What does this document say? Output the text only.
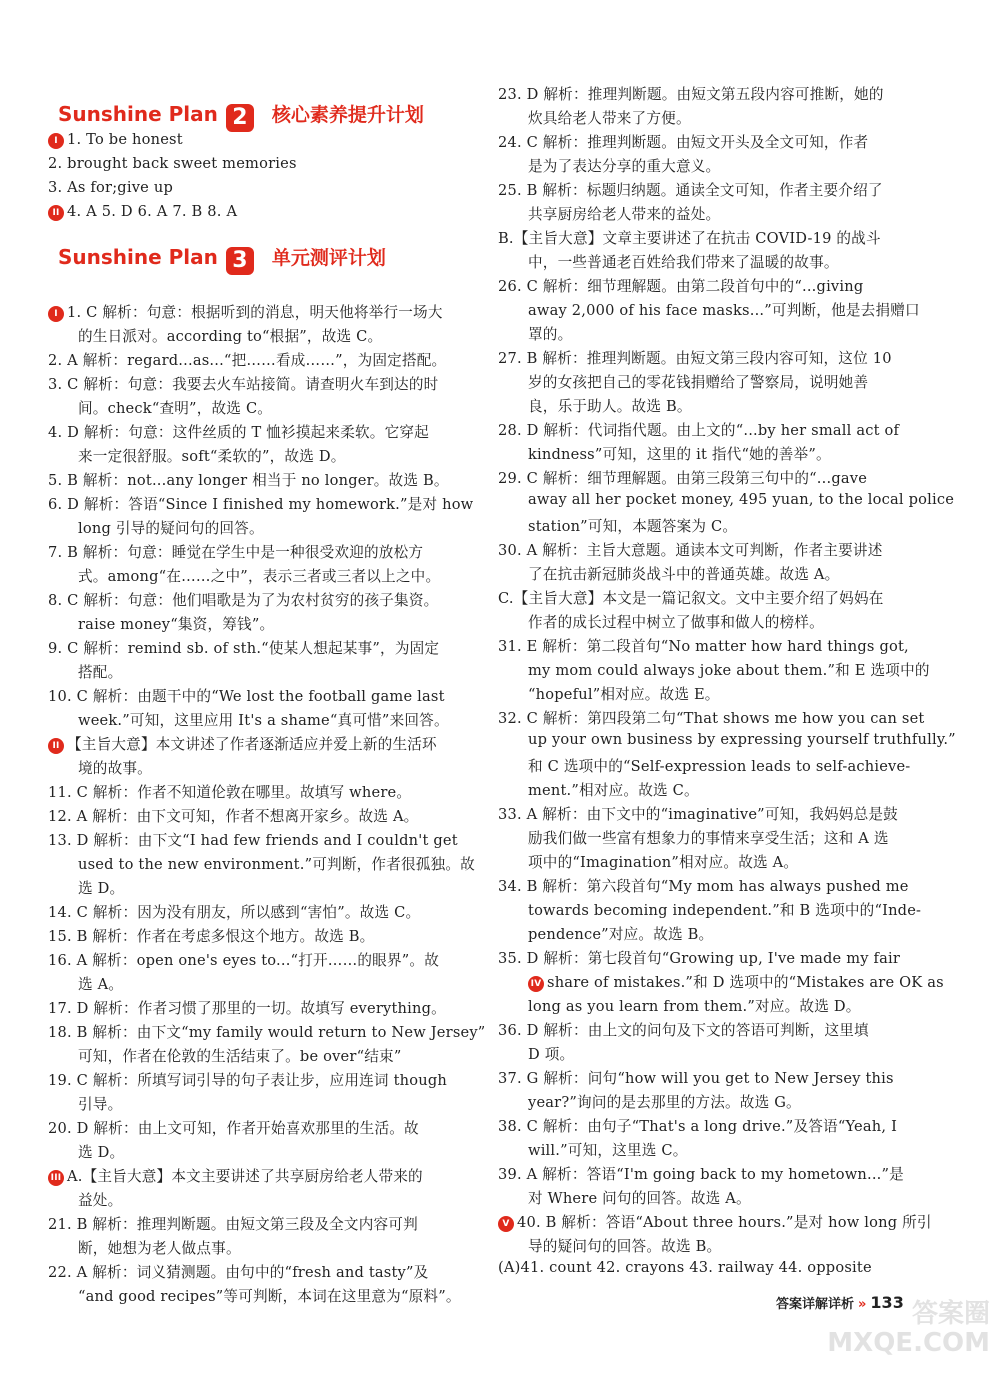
Sunshine Plan 2 核心素养提升计划
Sunshine Plan 3 单元测评计划
I 1. To be honest
2. brought back sweet memories
3. As for;give up
II 4. A 5. D 6. A 7. B 8. A
I 1. C 解析：句意：根据听到的消息，明天他将举行一场大
的生日派对。according to“根据”，故选 C。
2. A 解析：regard...as...“把……看成……”，为固定搭配。
3. C 解析：句意：我要去火车站接简。请查明火车到达的时
间。check“查明”，故选 C。
4. D 解析：句意：这件丝质的 T 恤衫摸起来柔软。它穿起
来一定很舒服。soft“柔软的”，故选 D。
5. B 解析：not...any longer 相当于 no longer。故选 B。
6. D 解析：答语“Since I finished my homework.”是对 how
long 引导的疑问句的回答。
7. B 解析：句意：睡觉在学生中是一种很受欢迎的放松方
式。among“在……之中”，表示三者或三者以上之中。
8. C 解析：句意：他们唱歌是为了为农村贫穷的孩子集资。
raise money“集资，筹钱”。
9. C 解析：remind sb. of sth.“使某人想起某事”，为固定
搭配。
10. C 解析：由题干中的“We lost the football game last
week.”可知，这里应用 It's a shame“真可惜”来回答。
II 【主旨大意】本文讲述了作者逐渐适应并爱上新的生活环
境的故事。
11. C 解析：作者不知道伦敦在哪里。故填写 where。
12. A 解析：由下文可知，作者不想离开家乡。故选 A。
13. D 解析：由下文“I had few friends and I couldn't get
used to the new environment.”可判断，作者很孤独。故
选 D。
14. C 解析：因为没有朋友，所以感到“害怕”。故选 C。
15. B 解析：作者在考虑多恨这个地方。故选 B。
16. A 解析：open one's eyes to...“打开……的眼界”。故
选 A。
17. D 解析：作者习惯了那里的一切。故填写 everything。
18. B 解析：由下文“my family would return to New Jersey”
可知，作者在伦敦的生活结束了。be over“结束”
19. C 解析：所填写词引导的句子表让步，应用连词 though
引导。
20. D 解析：由上文可知，作者开始喜欢那里的生活。故
选 D。
III A.【主旨大意】本文主要讲述了共享厨房给老人带来的
益处。
21. B 解析：推理判断题。由短文第三段及全文内容可判
断，她想为老人做点事。
22. A 解析：词义猜测题。由句中的“fresh and tasty”及
“and good recipes”等可判断，本词在这里意为“原料”。
23. D 解析：推理判断题。由短文第五段内容可推断，她的
炊具给老人带来了方便。
24. C 解析：推理判断题。由短文开头及全文可知，作者
是为了表达分享的重大意义。
25. B 解析：标题归纳题。通读全文可知，作者主要介绍了
共享厨房给老人带来的益处。
B.【主旨大意】文章主要讲述了在抗击 COVID-19 的战斗
中，一些普通老百姓给我们带来了温暖的故事。
26. C 解析：细节理解题。由第二段首句中的“...giving
away 2,000 of his face masks...”可判断，他是去捐赠口
罩的。
27. B 解析：推理判断题。由短文第三段内容可知，这位 10
岁的女孩把自己的零花钱捐赠给了警察局，说明她善
良，乐于助人。故选 B。
28. D 解析：代词指代题。由上文的“...by her small act of
kindness”可知，这里的 it 指代“她的善举”。
29. C 解析：细节理解题。由第三段第三句中的“...gave
away all her pocket money, 495 yuan, to the local police
station”可知，本题答案为 C。
30. A 解析：主旨大意题。通读本文可判断，作者主要讲述
了在抗击新冠肺炎战斗中的普通英雄。故选 A。
C.【主旨大意】本文是一篇记叙文。文中主要介绍了妈妈在
作者的成长过程中树立了做事和做人的榜样。
31. E 解析：第二段首句“No matter how hard things got,
my mom could always joke about them.”和 E 选项中的
“hopeful”相对应。故选 E。
32. C 解析：第四段第二句“That shows me how you can set
up your own business by expressing yourself truthfully.”
和 C 选项中的“Self-expression leads to self-achieve-
ment.”相对应。故选 C。
33. A 解析：由下文中的“imaginative”可知，我妈妈总是鼓
励我们做一些富有想象力的事情来享受生活；这和 A 选
项中的“Imagination”相对应。故选 A。
34. B 解析：第六段首句“My mom has always pushed me
towards becoming independent.”和 B 选项中的“Inde-
pendence”对应。故选 B。
35. D 解析：第七段首句“Growing up, I've made my fair
IV share of mistakes.”和 D 选项中的“Mistakes are OK as
long as you learn from them.”对应。故选 D。
36. D 解析：由上文的问句及下文的答语可判断，这里填
D 项。
37. G 解析：问句“how will you get to New Jersey this
year?”询问的是去那里的方法。故选 G。
38. C 解析：由句子“That's a long drive.”及答语“Yeah, I
will.”可知，这里选 C。
39. A 解析：答语“I'm going back to my hometown...”是
对 Where 问句的回答。故选 A。
V 40. B 解析：答语“About three hours.”是对 how long 所引
导的疑问句的回答。故选 B。
(A)41. count 42. crayons 43. railway 44. opposite
答案详解详析 » 133 答案圈 MXQE.COM
